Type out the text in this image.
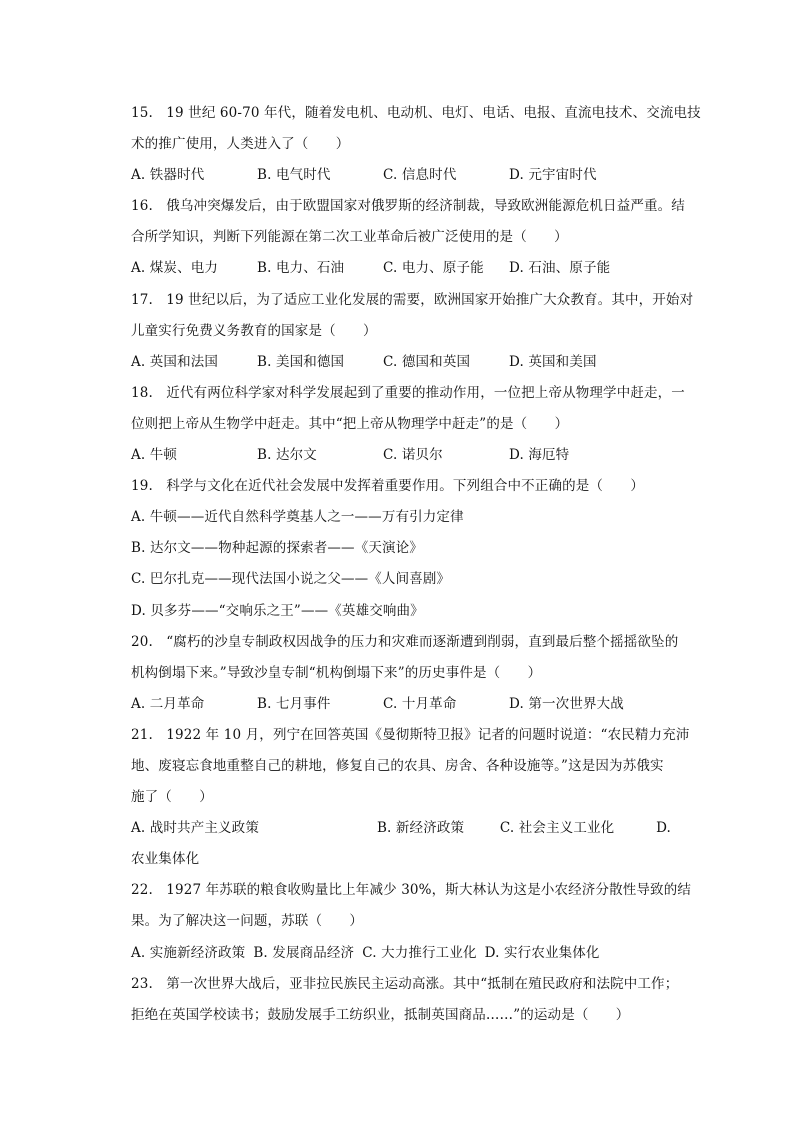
15. 19 世纪 60-70 年代，随着发电机、电动机、电灯、电话、电报、直流电技术、交流电技
术的推广使用，人类进入了（　　）
A. 铁器时代	B. 电气时代	C. 信息时代	D. 元宇宙时代
16. 俄乌冲突爆发后，由于欧盟国家对俄罗斯的经济制裁，导致欧洲能源危机日益严重。结
合所学知识，判断下列能源在第二次工业革命后被广泛使用的是（　　）
A. 煤炭、电力	B. 电力、石油	C. 电力、原子能	D. 石油、原子能
17. 19 世纪以后，为了适应工业化发展的需要，欧洲国家开始推广大众教育。其中，开始对
儿童实行免费义务教育的国家是（　　）
A. 英国和法国	B. 美国和德国	C. 德国和英国	D. 英国和美国
18. 近代有两位科学家对科学发展起到了重要的推动作用，一位把上帝从物理学中赶走，一
位则把上帝从生物学中赶走。其中“把上帝从物理学中赶走”的是（　　）
A. 牛顿	B. 达尔文	C. 诺贝尔	D. 海厄特
19. 科学与文化在近代社会发展中发挥着重要作用。下列组合中不正确的是（　　）
A. 牛顿——近代自然科学奠基人之一——万有引力定律
B. 达尔文——物种起源的探索者——《天演论》
C. 巴尔扎克——现代法国小说之父——《人间喜剧》
D. 贝多芬——“交响乐之王”——《英雄交响曲》
20. “腐朽的沙皇专制政权因战争的压力和灾难而逐渐遭到削弱，直到最后整个摇摇欲坠的
机构倒塌下来。”导致沙皇专制“机构倒塌下来”的历史事件是（　　）
A. 二月革命	B. 七月事件	C. 十月革命	D. 第一次世界大战
21. 1922 年 10 月，列宁在回答英国《曼彻斯特卫报》记者的问题时说道：“农民精力充沛
地、废寝忘食地重整自己的耕地，修复自己的农具、房舍、各种设施等。”这是因为苏俄实
施了（　　）
A. 战时共产主义政策	B. 新经济政策	C. 社会主义工业化	D.
农业集体化
22. 1927 年苏联的粮食收购量比上年减少 30%，斯大林认为这是小农经济分散性导致的结
果。为了解决这一问题，苏联（　　）
A. 实施新经济政策 B. 发展商品经济 C. 大力推行工业化 D. 实行农业集体化
23. 第一次世界大战后，亚非拉民族民主运动高涨。其中“抵制在殖民政府和法院中工作；
拒绝在英国学校读书；鼓励发展手工纺织业，抵制英国商品……”的运动是（　　）
